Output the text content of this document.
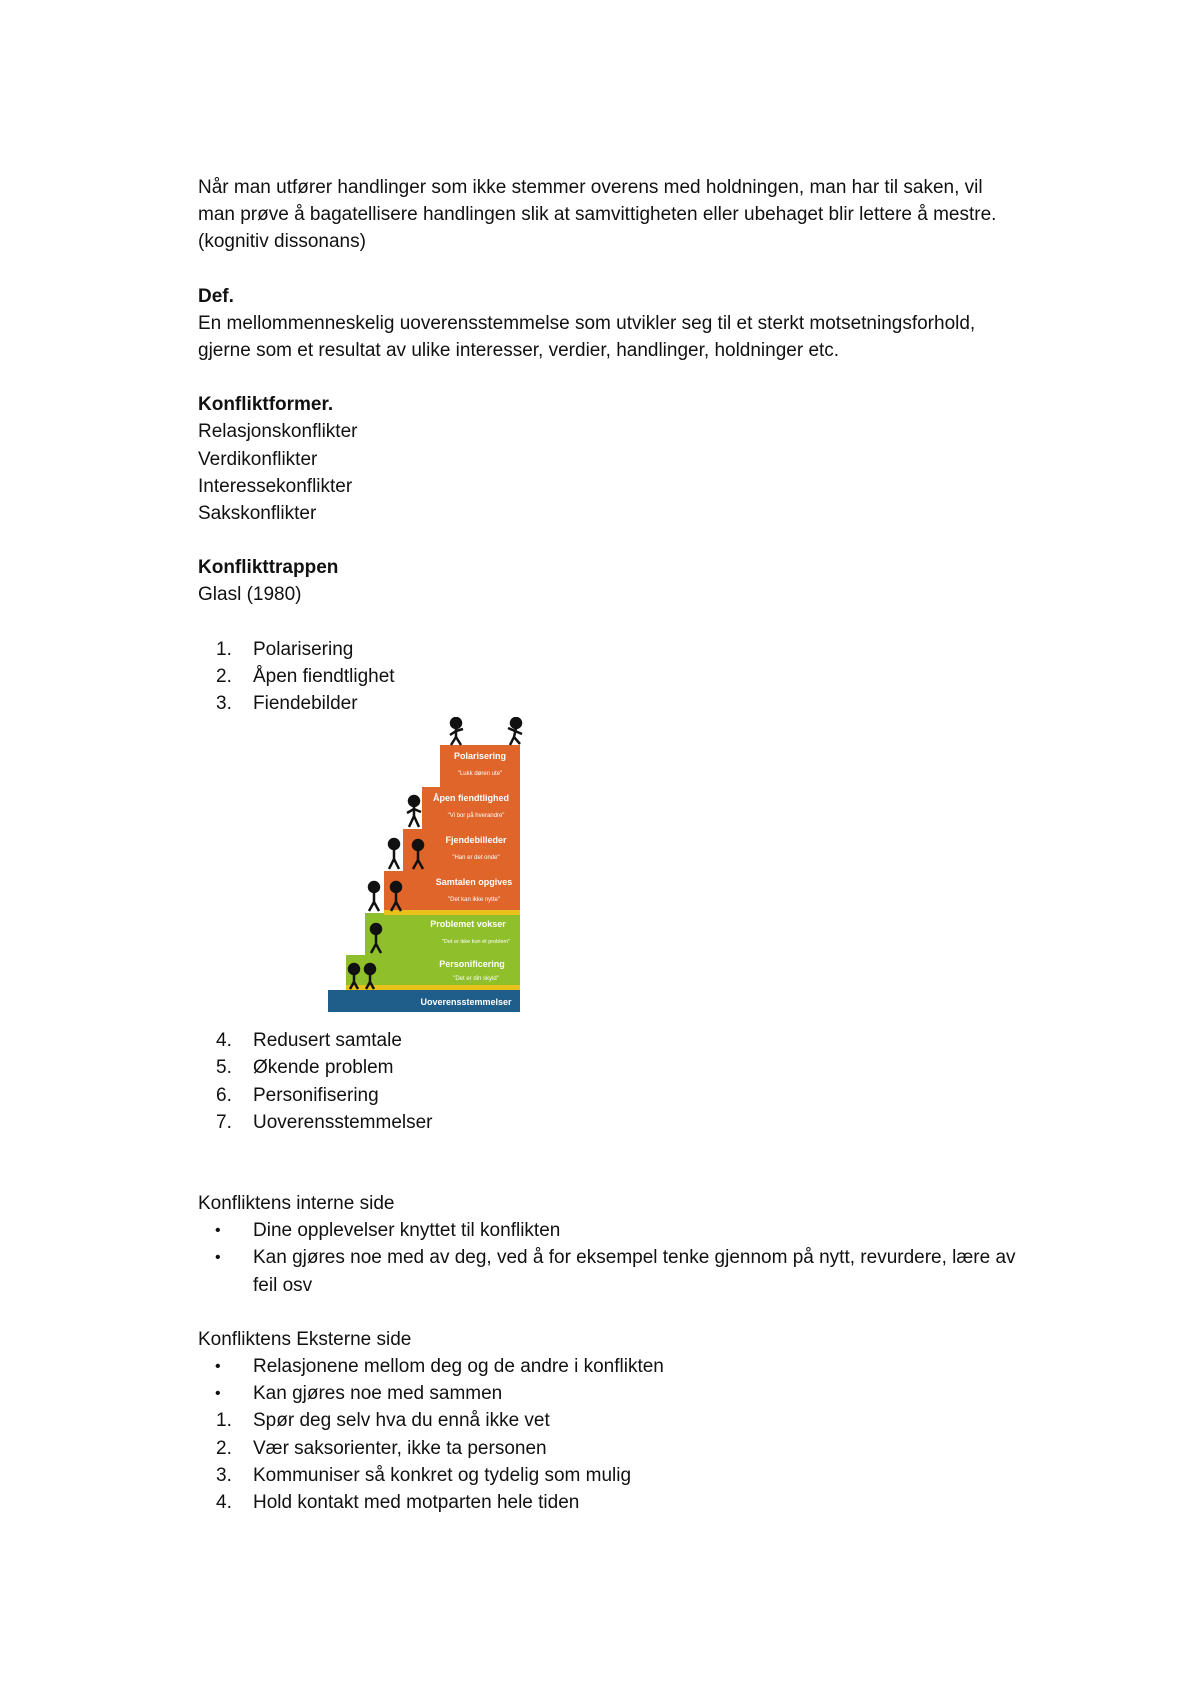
Når man utfører handlinger som ikke stemmer overens med holdningen, man har til saken, vil

man prøve å bagatellisere handlingen slik at samvittigheten eller ubehaget blir lettere å mestre.

(kognitiv dissonans)

Def.

En mellommenneskelig uoverensstemmelse som utvikler seg til et sterkt motsetningsforhold,

gjerne som et resultat av ulike interesser, verdier, handlinger, holdninger etc.

Konfliktformer.

Relasjonskonflikter

Verdikonflikter

Interessekonflikter

Sakskonflikter

Konflikttrappen

Glasl (1980)

1.	Polarisering
2.	Åpen fiendtlighet
3.	Fiendebilder
Polarisering
"Lukk døren ute"
Åpen fiendtlighed
"Vi bor på hverandre"
Fjendebilleder
"Han er det onde"
Samtalen opgives
"Det kan ikke nytte"
Problemet vokser
"Det er ikke kun ét problem"
Personificering
"Det er din skyld"
Uoverensstemmelser
4.	Redusert samtale
5.	Økende problem
6.	Personifisering
7.	Uoverensstemmelser

Konfliktens interne side

• Dine opplevelser knyttet til konflikten
• Kan gjøres noe med av deg, ved å for eksempel tenke gjennom på nytt, revurdere, lære av
feil osv

Konfliktens Eksterne side

• Relasjonene mellom deg og de andre i konflikten
• Kan gjøres noe med sammen
1.	Spør deg selv hva du ennå ikke vet
2.	Vær saksorienter, ikke ta personen
3.	Kommuniser så konkret og tydelig som mulig
4.	Hold kontakt med motparten hele tiden
